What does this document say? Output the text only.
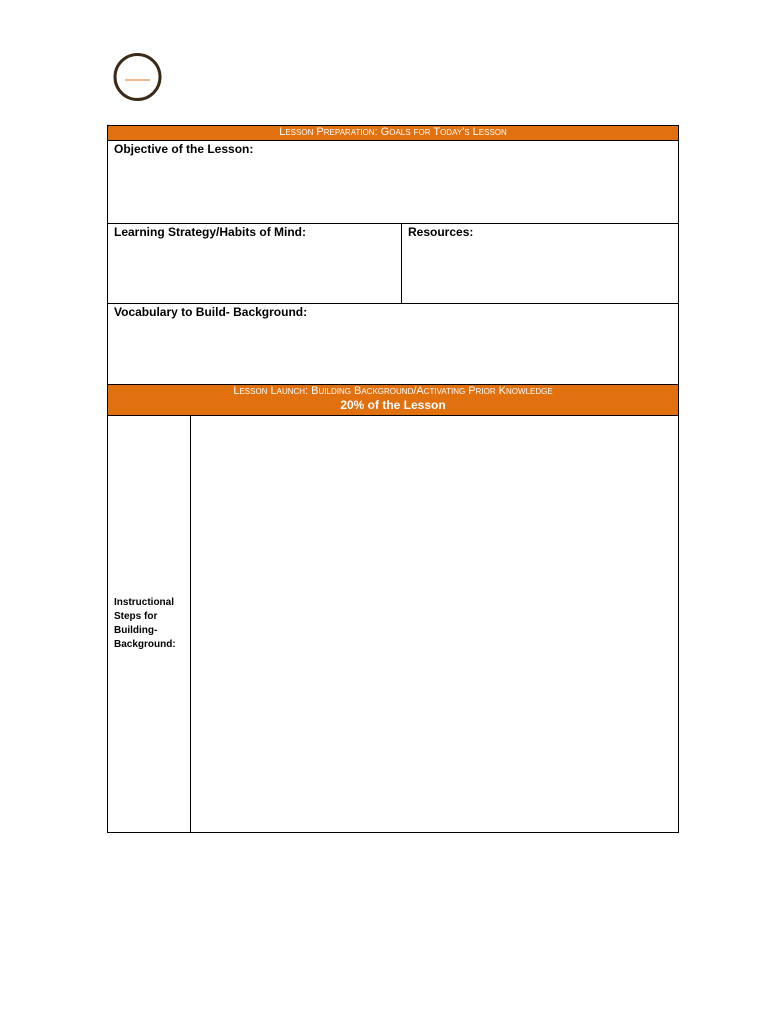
Lesson Preparation: Goals for Today's Lesson		

Objective of the Lesson:		

Learning Strategy/Habits of Mind:		Resources:

Vocabulary to Build- Background:		

Lesson Launch: Building Background/Activating Prior Knowledge
20% of the Lesson		

Instructional Steps for Building- Background:		
